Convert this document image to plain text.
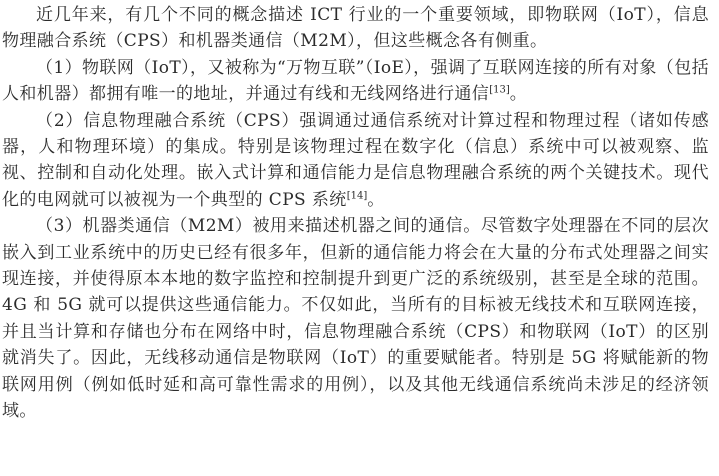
近几年来，有几个不同的概念描述 ICT 行业的一个重要领域，即物联网（IoT），信息物理融合系统（CPS）和机器类通信（M2M），但这些概念各有侧重。

（1）物联网（IoT），又被称为“万物互联”（IoE），强调了互联网连接的所有对象（包括人和机器）都拥有唯一的地址，并通过有线和无线网络进行通信[13]。

（2）信息物理融合系统（CPS）强调通过通信系统对计算过程和物理过程（诸如传感器，人和物理环境）的集成。特别是该物理过程在数字化（信息）系统中可以被观察、监视、控制和自动化处理。嵌入式计算和通信能力是信息物理融合系统的两个关键技术。现代化的电网就可以被视为一个典型的 CPS 系统[14]。

（3）机器类通信（M2M）被用来描述机器之间的通信。尽管数字处理器在不同的层次嵌入到工业系统中的历史已经有很多年，但新的通信能力将会在大量的分布式处理器之间实现连接，并使得原本本地的数字监控和控制提升到更广泛的系统级别，甚至是全球的范围。4G 和 5G 就可以提供这些通信能力。不仅如此，当所有的目标被无线技术和互联网连接，并且当计算和存储也分布在网络中时，信息物理融合系统（CPS）和物联网（IoT）的区别就消失了。因此，无线移动通信是物联网（IoT）的重要赋能者。特别是 5G 将赋能新的物联网用例（例如低时延和高可靠性需求的用例），以及其他无线通信系统尚未涉足的经济领域。
